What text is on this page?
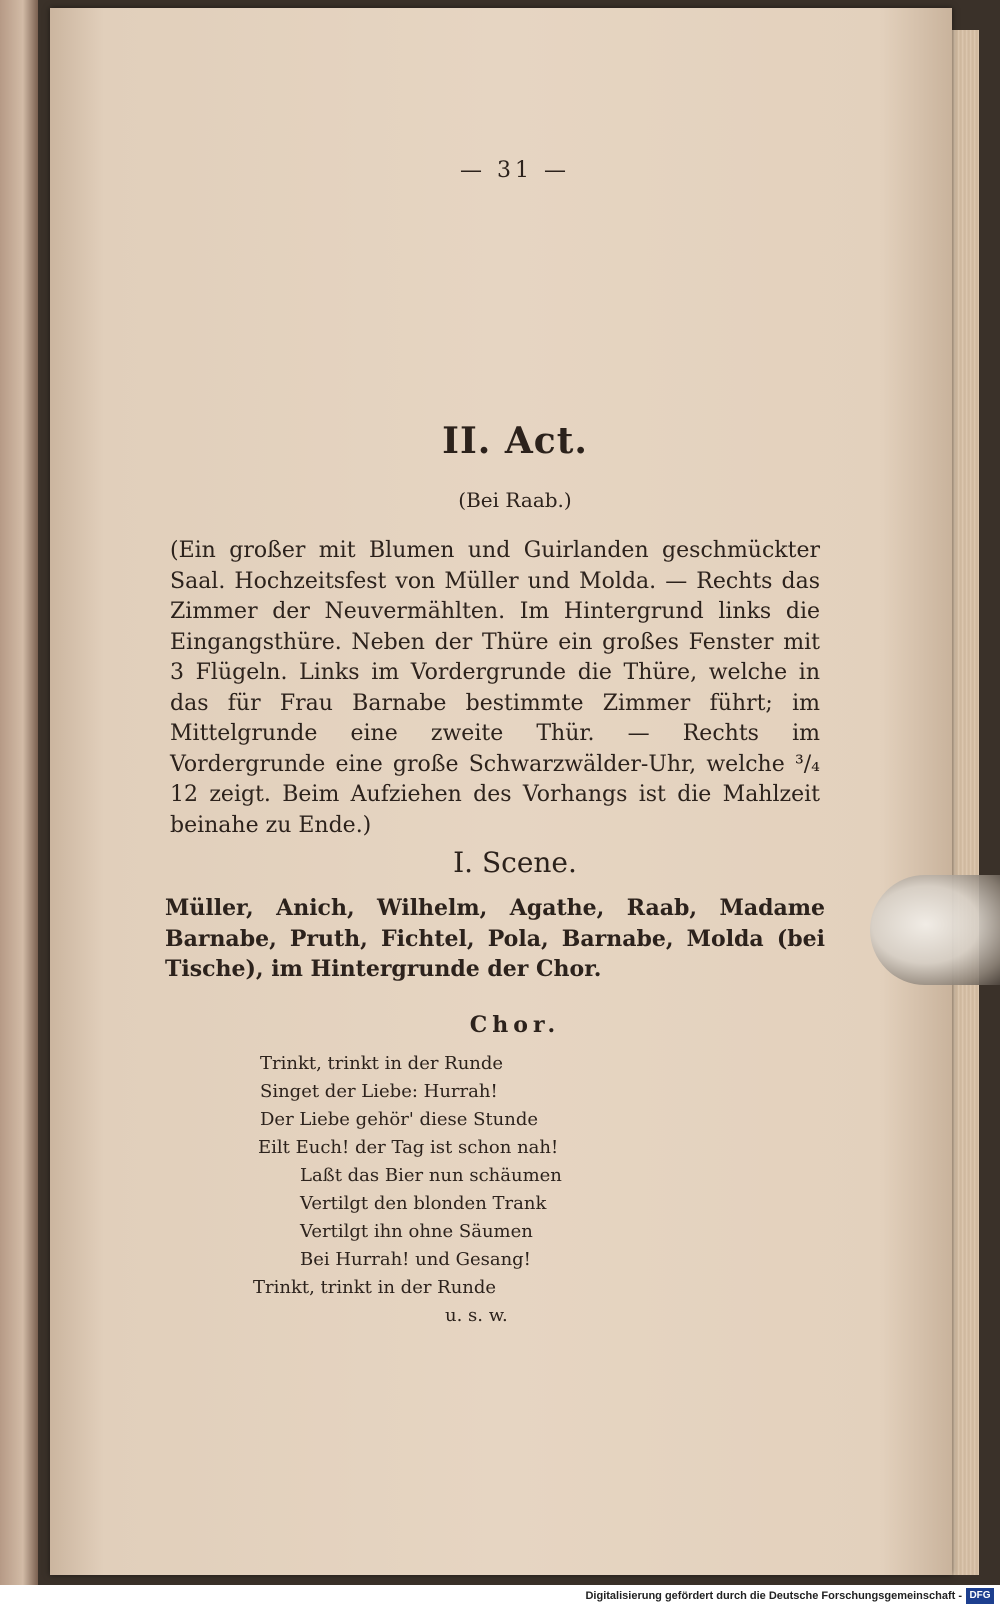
— 31 —
II. Act.
(Bei Raab.)
(Ein großer mit Blumen und Guirlanden geschmückter Saal. Hochzeitsfest von Müller und Molda. — Rechts das Zimmer der Neuvermählten. Im Hintergrund links die Eingangsthüre. Neben der Thüre ein großes Fenster mit 3 Flügeln. Links im Vordergrunde die Thüre, welche in das für Frau Barnabe bestimmte Zimmer führt; im Mittelgrunde eine zweite Thür. — Rechts im Vordergrunde eine große Schwarzwälder-Uhr, welche ³/₄ 12 zeigt. Beim Aufziehen des Vorhangs ist die Mahlzeit beinahe zu Ende.)
I. Scene.
Müller, Anich, Wilhelm, Agathe, Raab, Madame Barnabe, Pruth, Fichtel, Pola, Barnabe, Molda (bei Tische), im Hintergrunde der Chor.
Chor.
Trinkt, trinkt in der Runde
Singet der Liebe: Hurrah!
Der Liebe gehör' diese Stunde
Eilt Euch! der Tag ist schon nah!
Laßt das Bier nun schäumen
Vertilgt den blonden Trank
Vertilgt ihn ohne Säumen
Bei Hurrah! und Gesang!
Trinkt, trinkt in der Runde
u. s. w.
Digitalisierung gefördert durch die Deutsche Forschungsgemeinschaft - DFG
